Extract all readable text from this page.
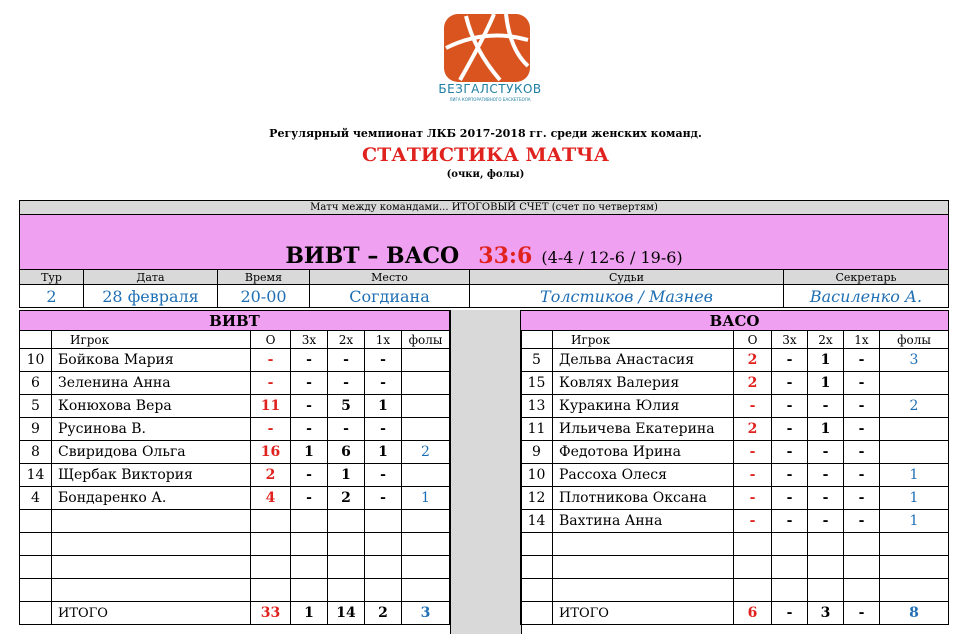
БЕЗГАЛСТУКОВ
ЛИГА КОРПОРАТИВНОГО БАСКЕТБОЛА
Регулярный чемпионат ЛКБ 2017-2018 гг. среди женских команд.
СТАТИСТИКА МАТЧА
(очки, фолы)
Матч между командами... ИТОГОВЫЙ СЧЕТ (счет по четвертям)					
ВИВТ – ВАСО 33:6 (4-4 / 12-6 / 19-6)					
Тур	Дата	Время	Место	Судьи	Секретарь
2	28 февраля	20-00	Согдиана	Толстиков / Мазнев	Василенко А.
ВИВТ						
	Игрок	О	3х	2х	1х	фолы
10	Бойкова Мария	-	-	-	-	
6	Зеленина Анна	-	-	-	-	
5	Конюхова Вера	11	-	5	1	
9	Русинова В.	-	-	-	-	
8	Свиридова Ольга	16	1	6	1	2
14	Щербак Виктория	2	-	1	-	
4	Бондаренко А.	4	-	2	-	1

	ИТОГО	33	1	14	2	3
ВАСО						
	Игрок	О	3х	2х	1х	фолы
5	Дельва Анастасия	2	-	1	-	3
15	Ковлях Валерия	2	-	1	-	
13	Куракина Юлия	-	-	-	-	2
11	Ильичева Екатерина	2	-	1	-	
9	Федотова Ирина	-	-	-	-	
10	Рассоха Олеся	-	-	-	-	1
12	Плотникова Оксана	-	-	-	-	1
14	Вахтина Анна	-	-	-	-	1

	ИТОГО	6	-	3	-	8
